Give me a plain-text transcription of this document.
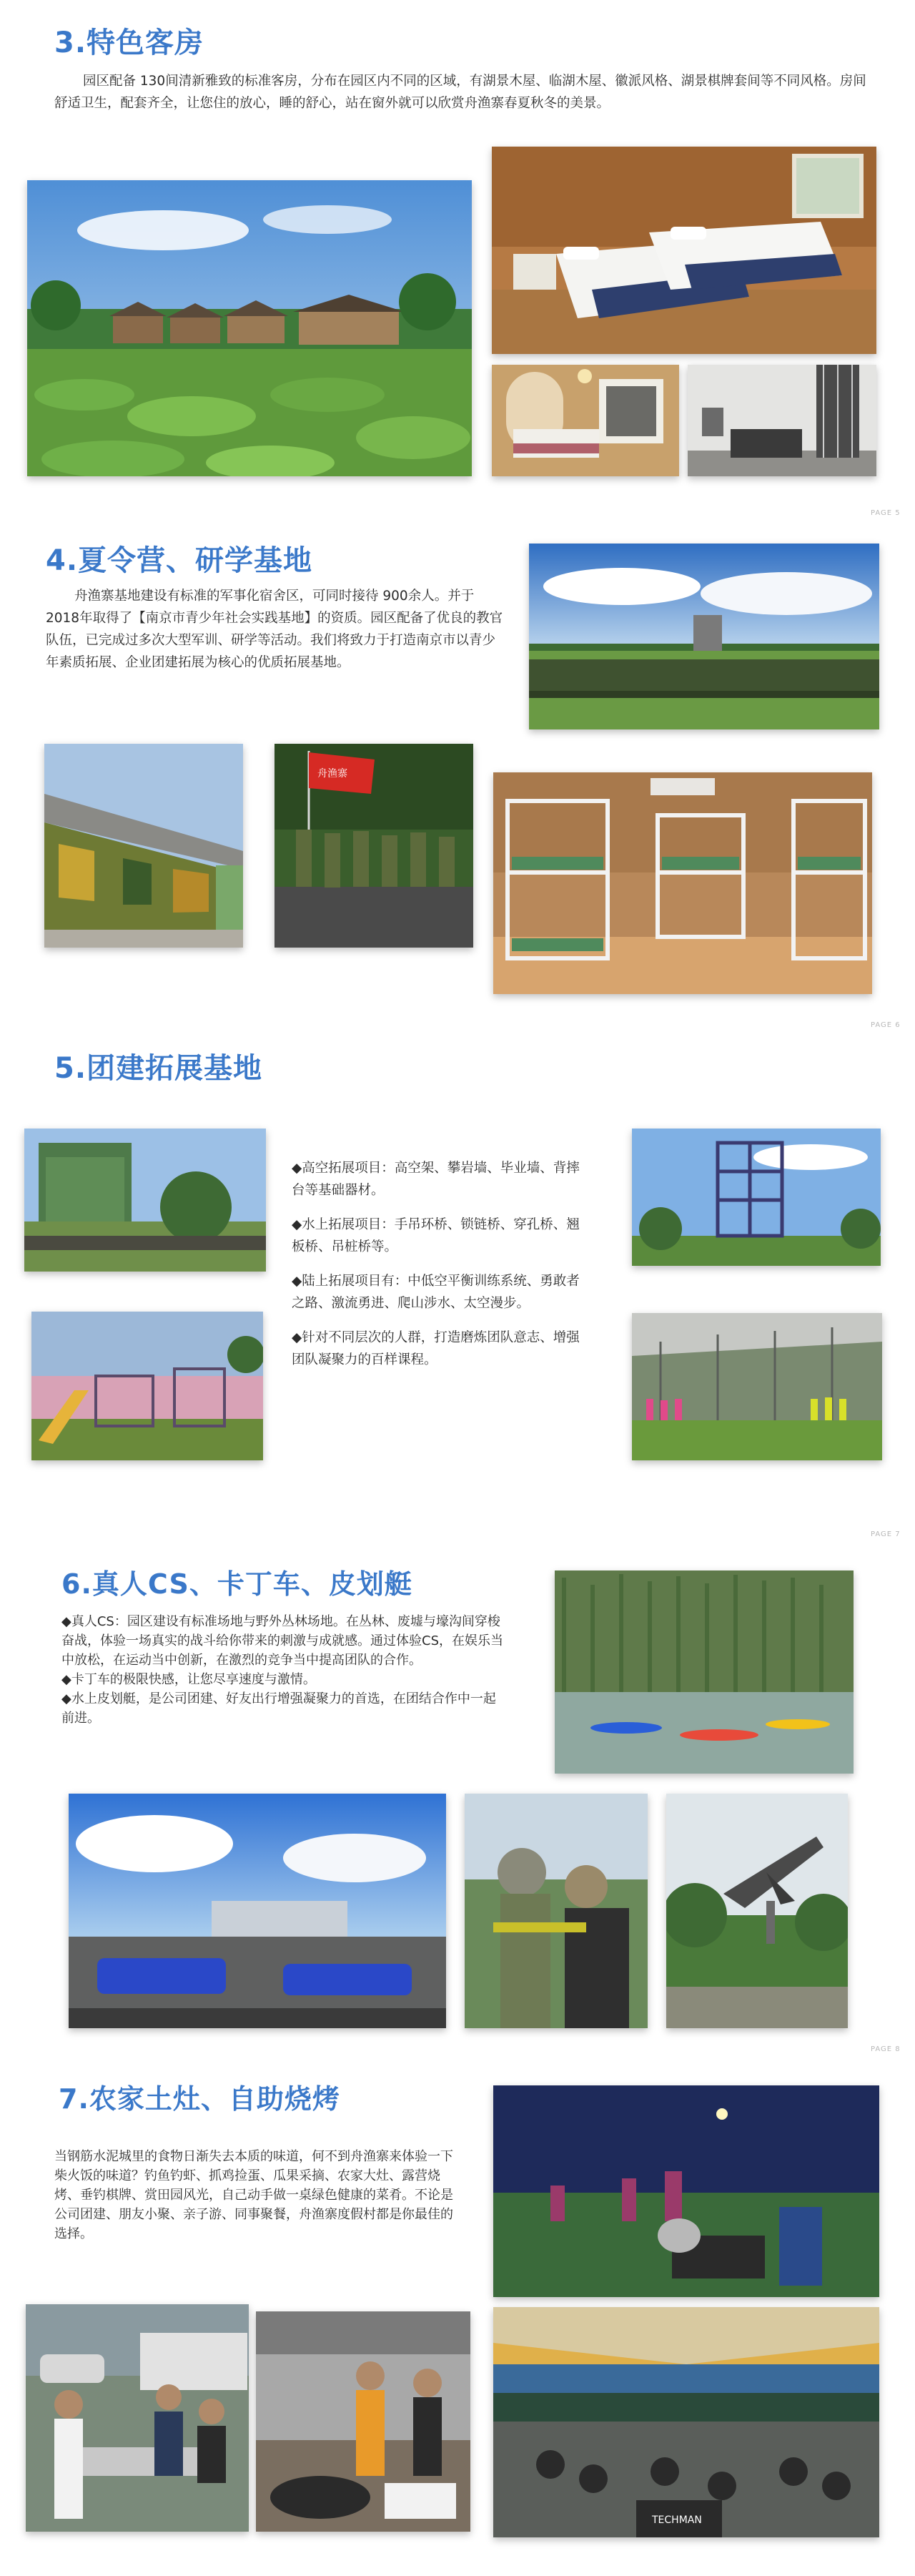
3.特色客房
园区配备 130间清新雅致的标准客房，分布在园区内不同的区域，有湖景木屋、临湖木屋、徽派风格、湖景棋牌套间等不同风格。房间舒适卫生，配套齐全，让您住的放心，睡的舒心，站在窗外就可以欣赏舟渔寨春夏秋冬的美景。
PAGE 5
4.夏令营、研学基地
舟渔寨基地建设有标准的军事化宿舍区，可同时接待 900余人。并于2018年取得了【南京市青少年社会实践基地】的资质。园区配备了优良的教官队伍，已完成过多次大型军训、研学等活动。我们将致力于打造南京市以青少年素质拓展、企业团建拓展为核心的优质拓展基地。
舟渔寨
PAGE 6
5.团建拓展基地

◆高空拓展项目：高空架、攀岩墙、毕业墙、背摔台等基础器材。

◆水上拓展项目：手吊环桥、锁链桥、穿孔桥、翘板桥、吊桩桥等。

◆陆上拓展项目有：中低空平衡训练系统、勇敢者之路、激流勇进、爬山涉水、太空漫步。

◆针对不同层次的人群，打造磨炼团队意志、增强团队凝聚力的百样课程。

PAGE 7
6.真人CS、卡丁车、皮划艇

◆真人CS：园区建设有标准场地与野外丛林场地。在丛林、废墟与壕沟间穿梭奋战，体验一场真实的战斗给你带来的刺激与成就感。通过体验CS，在娱乐当中放松，在运动当中创新，在激烈的竞争当中提高团队的合作。

◆卡丁车的极限快感，让您尽享速度与激情。

◆水上皮划艇，是公司团建、好友出行增强凝聚力的首选，在团结合作中一起前进。

PAGE 8
7.农家土灶、自助烧烤
当钢筋水泥城里的食物日渐失去本质的味道，何不到舟渔寨来体验一下柴火饭的味道？钓鱼钓虾、抓鸡捡蛋、瓜果采摘、农家大灶、露营烧烤、垂钓棋牌、赏田园风光，自己动手做一桌绿色健康的菜肴。不论是公司团建、朋友小聚、亲子游、同事聚餐，舟渔寨度假村都是你最佳的选择。
TECHMAN
